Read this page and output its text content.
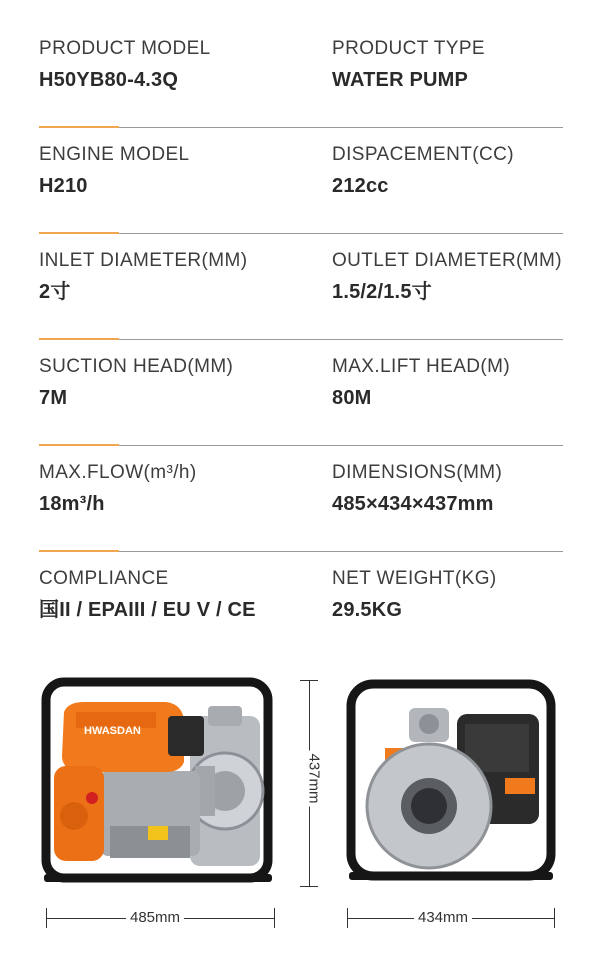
PRODUCT MODEL
H50YB80-4.3Q
PRODUCT TYPE
WATER PUMP
ENGINE MODEL
H210
DISPACEMENT(CC)
212cc
INLET DIAMETER(MM)
2寸
OUTLET DIAMETER(MM)
1.5/2/1.5寸
SUCTION HEAD(MM)
7M
MAX.LIFT HEAD(M)
80M
MAX.FLOW(m³/h)
18m³/h
DIMENSIONS(MM)
485×434×437mm
COMPLIANCE
国II / EPAIII / EU V / CE
NET WEIGHT(KG)
29.5KG
HWASDAN
437mm
485mm	434mm
